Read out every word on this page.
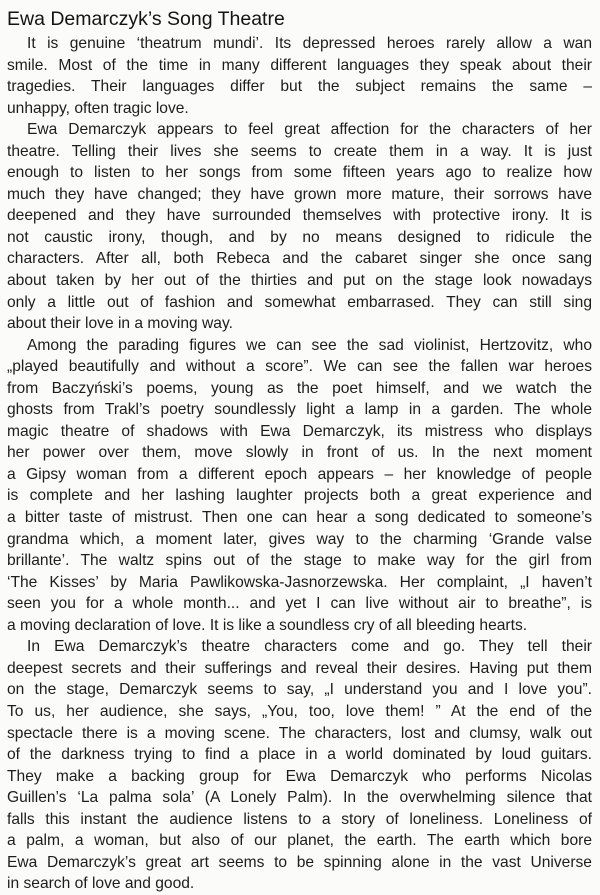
Ewa Demarczyk’s Song Theatre
It is genuine ‘theatrum mundi’. Its depressed heroes rarely allow a wan
smile. Most of the time in many different languages they speak about their
tragedies. Their languages differ but the subject remains the same –
unhappy, often tragic love.
Ewa Demarczyk appears to feel great affection for the characters of her
theatre. Telling their lives she seems to create them in a way. It is just
enough to listen to her songs from some fifteen years ago to realize how
much they have changed; they have grown more mature, their sorrows have
deepened and they have surrounded themselves with protective irony. It is
not caustic irony, though, and by no means designed to ridicule the
characters. After all, both Rebeca and the cabaret singer she once sang
about taken by her out of the thirties and put on the stage look nowadays
only a little out of fashion and somewhat embarrased. They can still sing
about their love in a moving way.
Among the parading figures we can see the sad violinist, Hertzovitz, who
„played beautifully and without a score”. We can see the fallen war heroes
from Baczyński’s poems, young as the poet himself, and we watch the
ghosts from Trakl’s poetry soundlessly light a lamp in a garden. The whole
magic theatre of shadows with Ewa Demarczyk, its mistress who displays
her power over them, move slowly in front of us. In the next moment
a Gipsy woman from a different epoch appears – her knowledge of people
is complete and her lashing laughter projects both a great experience and
a bitter taste of mistrust. Then one can hear a song dedicated to someone’s
grandma which, a moment later, gives way to the charming ‘Grande valse
brillante’. The waltz spins out of the stage to make way for the girl from
‘The Kisses’ by Maria Pawlikowska-Jasnorzewska. Her complaint, „I haven’t
seen you for a whole month... and yet I can live without air to breathe”, is
a moving declaration of love. It is like a soundless cry of all bleeding hearts.
In Ewa Demarczyk’s theatre characters come and go. They tell their
deepest secrets and their sufferings and reveal their desires. Having put them
on the stage, Demarczyk seems to say, „I understand you and I love you”.
To us, her audience, she says, „You, too, love them! ” At the end of the
spectacle there is a moving scene. The characters, lost and clumsy, walk out
of the darkness trying to find a place in a world dominated by loud guitars.
They make a backing group for Ewa Demarczyk who performs Nicolas
Guillen’s ‘La palma sola’ (A Lonely Palm). In the overwhelming silence that
falls this instant the audience listens to a story of loneliness. Loneliness of
a palm, a woman, but also of our planet, the earth. The earth which bore
Ewa Demarczyk’s great art seems to be spinning alone in the vast Universe
in search of love and good.
